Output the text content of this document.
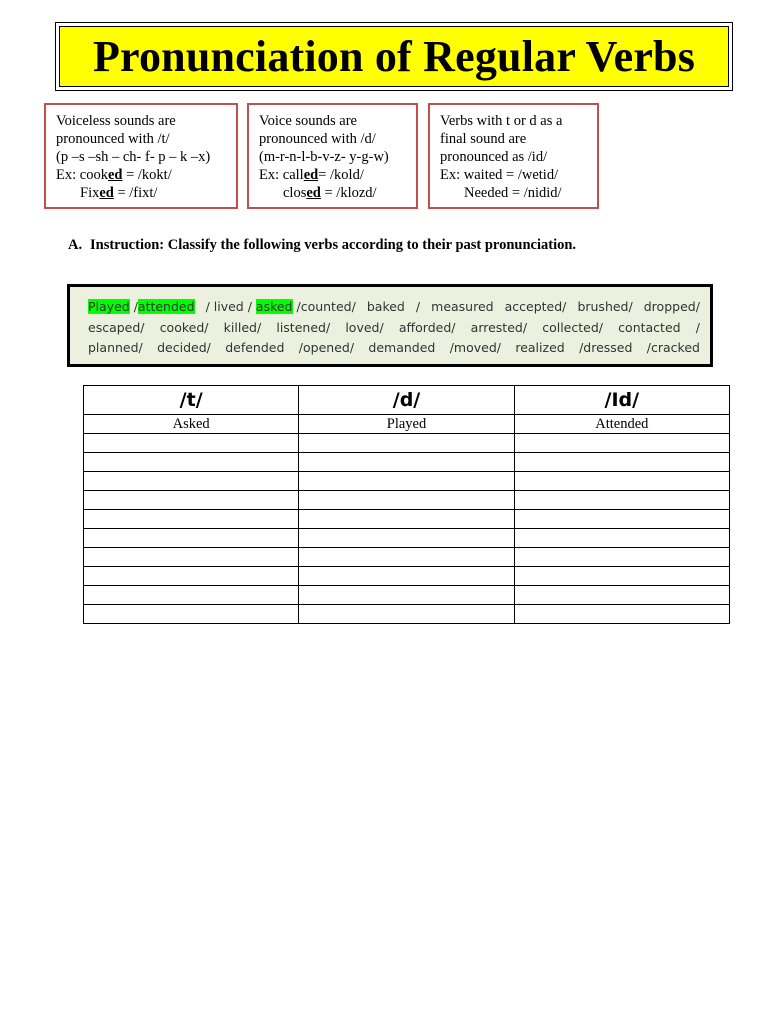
Pronunciation of Regular Verbs
Voiceless sounds are
pronounced with /t/
(p –s –sh – ch- f- p – k –x)
Ex: cooked = /kokt/
Fixed = /fixt/
Voice sounds are
pronounced with /d/
(m-r-n-l-b-v-z- y-g-w)
Ex: called= /kold/
closed = /klozd/
Verbs with t or d as a
final sound are
pronounced as /id/
Ex: waited = /wetid/
Needed = /nidid/
A. Instruction: Classify the following verbs according to their past pronunciation.
Played /attended / lived / asked /counted/ baked / measured accepted/ brushed/ dropped/
escaped/ cooked/ killed/ listened/ loved/ afforded/ arrested/ collected/ contacted /
planned/ decided/ defended /opened/ demanded /moved/ realized /dressed /cracked
/t/	/d/	/Id/
Asked	Played	Attended
